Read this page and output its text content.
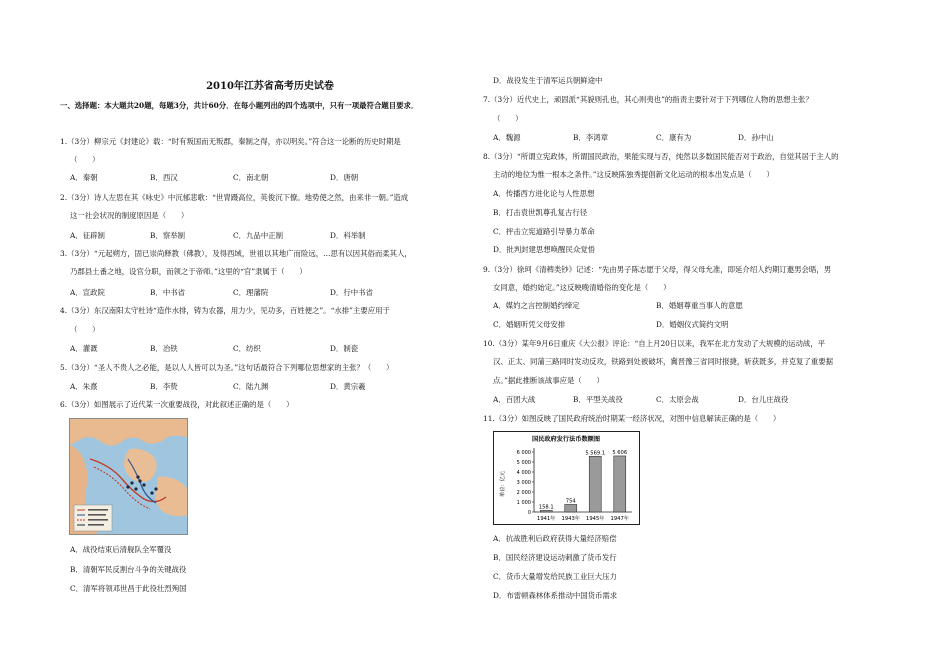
2010年江苏省高考历史试卷
一、选择题：本大题共20题，每题3分，共计60分．在每小题列出的四个选项中，只有一项最符合题目要求．
1.（3分）柳宗元《封建论》载：“时有叛国而无叛郡，秦制之得，亦以明矣。”符合这一论断的历史时期是
（　　）
A．秦朝	B．西汉	C．南北朝	D．唐朝
2.（3分）诗人左思在其《咏史》中沉郁悲歌：“世胄蹑高位，英俊沉下僚。地势使之然，由来非一朝。”造成
这一社会状况的制度原因是（　　）
A．征辟制	B．察举制	C．九品中正制	D．科举制
3.（3分）“元起朔方，固已崇尚释教（佛教），及得西域，世祖以其地广而险远，…思有以因其俗而柔其人，
乃郡县土番之地，设官分职，而领之于帝师。”这里的“官”隶属于（　　）
A．宣政院	B．中书省	C．理藩院	D．行中书省
4.（3分）东汉南阳太守杜诗“造作水排，铸为农器，用力少，见功多，百姓便之”。“水排”主要应用于
（　　）
A．灌溉	B．冶铁	C．纺织	D．制瓷
5.（3分）“圣人不贵人之必能，是以人人皆可以为圣。”这句话最符合下列哪位思想家的主张？（　　）
A．朱熹	B．李贽	C．陆九渊	D．黄宗羲
6.（3分）如图展示了近代某一次重要战役，对此叙述正确的是（　　）
A．战役结束后清舰队全军覆没
B．清朝军民反割台斗争的关键战役
C．清军将领邓世昌于此役壮烈殉国
D．战役发生于清军运兵朝鲜途中
7.（3分）近代史上，顽固派“其貌则孔也，其心则夷也”的指责主要针对于下列哪位人物的思想主张？
（　　）
A．魏源	B．李鸿章	C．康有为	D．孙中山
8.（3分）“所谓立宪政体，所谓国民政治，果能实现与否，纯然以多数国民能否对于政治，自觉其居于主人的
主动的地位为惟一根本之条件。”这反映陈独秀提倡新文化运动的根本出发点是（　　）
A．传播西方进化论与人性思想
B．打击袁世凯尊孔复古行径
C．抨击立宪道路引导暴力革命
D．批判封建思想唤醒民众觉悟
9.（3分）徐珂《清稗类钞》记述：“先由男子陈志愿于父母，得父母允准，即延介绍人约期订邀男会晤，男
女同意，婚约始定。”这反映晚清婚俗的变化是（　　）
A．媒妁之言控制婚约缔定	B．婚姻尊重当事人的意愿
C．婚姻听凭父母安排	D．婚姻仪式简约文明
10.（3分）某年9月6日重庆《大公报》评论：“自上月20日以来，我军在北方发动了大规模的运动战，平
汉、正太、同蒲三路同时发动反攻，铁路到处被破坏，冀晋豫三省同时报捷，斩获既多，并克复了重要据
点。”据此推断该战事应是（　　）
A．百团大战	B．平型关战役	C．太原会战	D．台儿庄战役
11.（3分）如图反映了国民政府统治时期某一经济状况，对图中信息解读正确的是（　　）
国民政府发行法币数额图
单位：亿元
6 000
5 000
4 000
3 000
2 000
1 000
0
158.1
1941年
754
1943年
5 569.1
1945年
5 606
1947年
A．抗战胜利后政府获得大量经济赔偿
B．国民经济建设运动刺激了货币发行
C．货币大量增发给民族工业巨大压力
D．布雷顿森林体系推动中国货币需求
